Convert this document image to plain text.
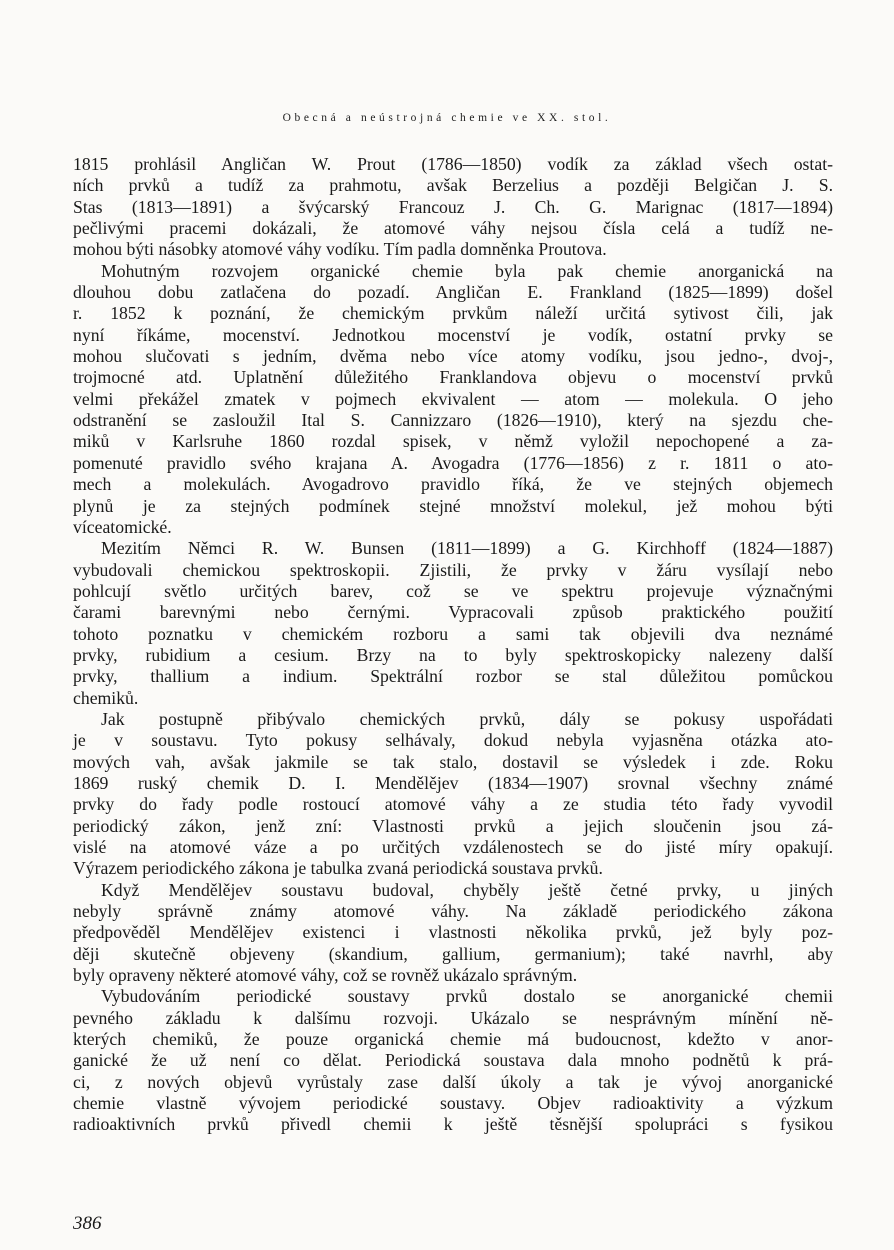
Obecná a neústrojná chemie ve XX. stol.

1815 prohlásil Angličan W. Prout (1786—1850) vodík za základ všech ostat-
ních prvků a tudíž za prahmotu, avšak Berzelius a později Belgičan J. S.
Stas (1813—1891) a švýcarský Francouz J. Ch. G. Marignac (1817—1894)
pečlivými pracemi dokázali, že atomové váhy nejsou čísla celá a tudíž ne-
mohou býti násobky atomové váhy vodíku. Tím padla domněnka Proutova.

Mohutným rozvojem organické chemie byla pak chemie anorganická na
dlouhou dobu zatlačena do pozadí. Angličan E. Frankland (1825—1899) došel
r. 1852 k poznání, že chemickým prvkům náleží určitá sytivost čili, jak
nyní říkáme, mocenství. Jednotkou mocenství je vodík, ostatní prvky se
mohou slučovati s jedním, dvěma nebo více atomy vodíku, jsou jedno-, dvoj-,
trojmocné atd. Uplatnění důležitého Franklandova objevu o mocenství prvků
velmi překážel zmatek v pojmech ekvivalent — atom — molekula. O jeho
odstranění se zasloužil Ital S. Cannizzaro (1826—1910), který na sjezdu che-
miků v Karlsruhe 1860 rozdal spisek, v němž vyložil nepochopené a za-
pomenuté pravidlo svého krajana A. Avogadra (1776—1856) z r. 1811 o ato-
mech a molekulách. Avogadrovo pravidlo říká, že ve stejných objemech
plynů je za stejných podmínek stejné množství molekul, jež mohou býti
víceatomické.

Mezitím Němci R. W. Bunsen (1811—1899) a G. Kirchhoff (1824—1887)
vybudovali chemickou spektroskopii. Zjistili, že prvky v žáru vysílají nebo
pohlcují světlo určitých barev, což se ve spektru projevuje význačnými
čarami barevnými nebo černými. Vypracovali způsob praktického použití
tohoto poznatku v chemickém rozboru a sami tak objevili dva neznámé
prvky, rubidium a cesium. Brzy na to byly spektroskopicky nalezeny další
prvky, thallium a indium. Spektrální rozbor se stal důležitou pomůckou
chemiků.

Jak postupně přibývalo chemických prvků, dály se pokusy uspořádati
je v soustavu. Tyto pokusy selhávaly, dokud nebyla vyjasněna otázka ato-
mových vah, avšak jakmile se tak stalo, dostavil se výsledek i zde. Roku
1869 ruský chemik D. I. Mendělějev (1834—1907) srovnal všechny známé
prvky do řady podle rostoucí atomové váhy a ze studia této řady vyvodil
periodický zákon, jenž zní: Vlastnosti prvků a jejich sloučenin jsou zá-
vislé na atomové váze a po určitých vzdálenostech se do jisté míry opakují.
Výrazem periodického zákona je tabulka zvaná periodická soustava prvků.

Když Mendělějev soustavu budoval, chyběly ještě četné prvky, u jiných
nebyly správně známy atomové váhy. Na základě periodického zákona
předpověděl Mendělějev existenci i vlastnosti několika prvků, jež byly poz-
ději skutečně objeveny (skandium, gallium, germanium); také navrhl, aby
byly opraveny některé atomové váhy, což se rovněž ukázalo správným.

Vybudováním periodické soustavy prvků dostalo se anorganické chemii
pevného základu k dalšímu rozvoji. Ukázalo se nesprávným mínění ně-
kterých chemiků, že pouze organická chemie má budoucnost, kdežto v anor-
ganické že už není co dělat. Periodická soustava dala mnoho podnětů k prá-
ci, z nových objevů vyrůstaly zase další úkoly a tak je vývoj anorganické
chemie vlastně vývojem periodické soustavy. Objev radioaktivity a výzkum
radioaktivních prvků přivedl chemii k ještě těsnější spolupráci s fysikou

386
